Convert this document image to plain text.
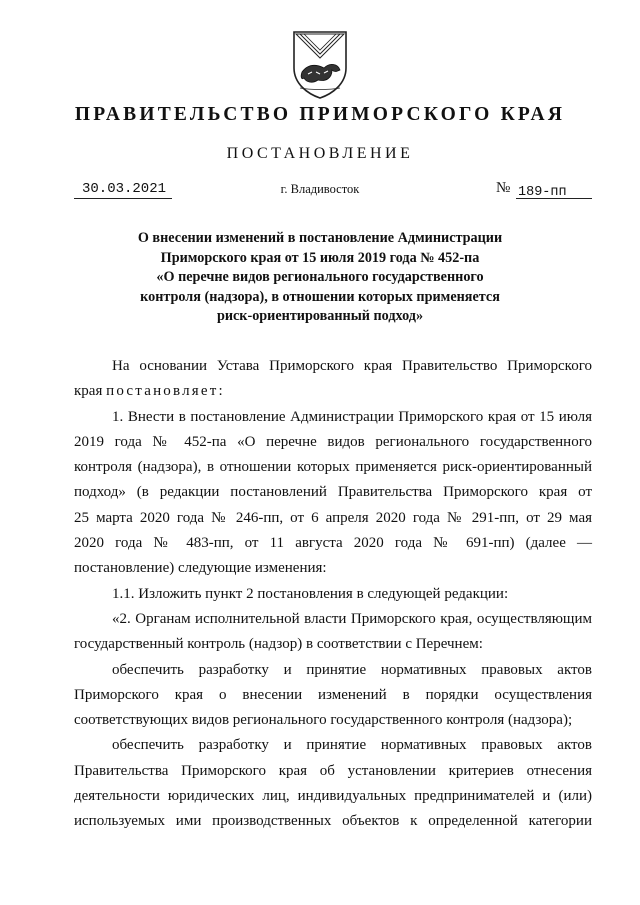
ПРАВИТЕЛЬСТВО ПРИМОРСКОГО КРАЯ
ПОСТАНОВЛЕНИЕ
30.03.2021	г. Владивосток	№ 189-пп
О внесении изменений в постановление Администрации
Приморского края от 15 июля 2019 года № 452-па
«О перечне видов регионального государственного
контроля (надзора), в отношении которых применяется
риск-ориентированный подход»
На основании Устава Приморского края Правительство Приморского
края постановляет:
1. Внести в постановление Администрации Приморского края от 15 июля
2019 года № 452-па «О перечне видов регионального государственного
контроля (надзора), в отношении которых применяется риск-ориентированный
подход» (в редакции постановлений Правительства Приморского края от
25 марта 2020 года № 246-пп, от 6 апреля 2020 года № 291-пп, от 29 мая
2020 года № 483-пп, от 11 августа 2020 года № 691-пп) (далее —
постановление) следующие изменения:
1.1. Изложить пункт 2 постановления в следующей редакции:
«2. Органам исполнительной власти Приморского края, осуществляющим
государственный контроль (надзор) в соответствии с Перечнем:
обеспечить разработку и принятие нормативных правовых актов
Приморского края о внесении изменений в порядки осуществления
соответствующих видов регионального государственного контроля (надзора);
обеспечить разработку и принятие нормативных правовых актов
Правительства Приморского края об установлении критериев отнесения
деятельности юридических лиц, индивидуальных предпринимателей и (или)
используемых ими производственных объектов к определенной категории
